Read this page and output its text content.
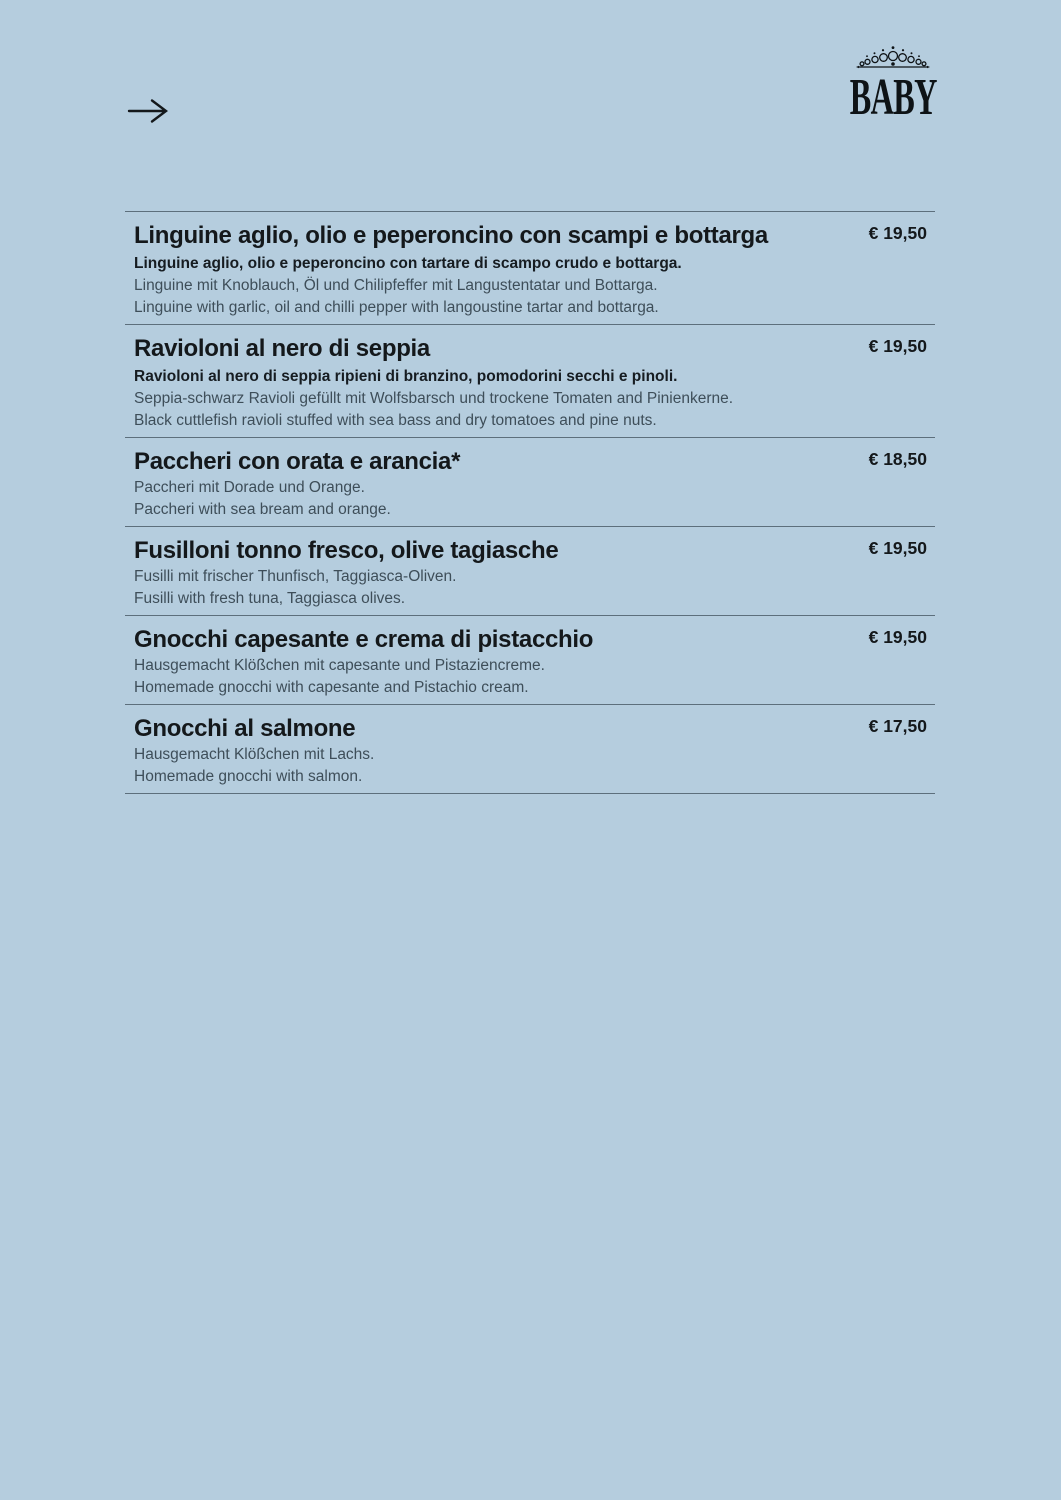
BABY
Linguine aglio, olio e peperoncino con scampi e bottarga	€ 19,50

Linguine aglio, olio e peperoncino con tartare di scampo crudo e bottarga.

Linguine mit Knoblauch, Öl und Chilipfeffer mit Langustentatar und Bottarga.

Linguine with garlic, oil and chilli pepper with langoustine tartar and bottarga.

Ravioloni al nero di seppia	€ 19,50

Ravioloni al nero di seppia ripieni di branzino, pomodorini secchi e pinoli.

Seppia-schwarz Ravioli gefüllt mit Wolfsbarsch und trockene Tomaten and Pinienkerne.

Black cuttlefish ravioli stuffed with sea bass and dry tomatoes and pine nuts.

Paccheri con orata e arancia*	€ 18,50

Paccheri mit Dorade und Orange.

Paccheri with sea bream and orange.

Fusilloni tonno fresco, olive tagiasche	€ 19,50

Fusilli mit frischer Thunfisch, Taggiasca-Oliven.

Fusilli with fresh tuna, Taggiasca olives.

Gnocchi capesante e crema di pistacchio	€ 19,50

Hausgemacht Klößchen mit capesante und Pistaziencreme.

Homemade gnocchi with capesante and Pistachio cream.

Gnocchi al salmone	€ 17,50

Hausgemacht Klößchen mit Lachs.

Homemade gnocchi with salmon.
